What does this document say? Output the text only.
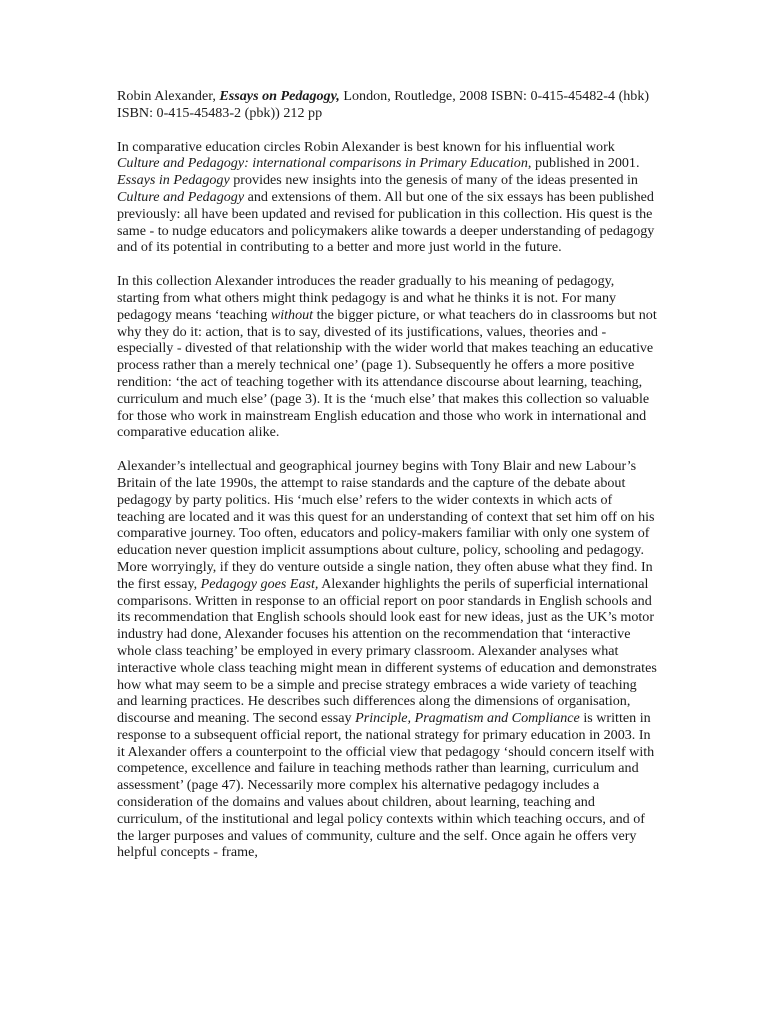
Robin Alexander, Essays on Pedagogy, London, Routledge, 2008 ISBN: 0-415-45482-4 (hbk) ISBN: 0-415-45483-2 (pbk)) 212 pp

In comparative education circles Robin Alexander is best known for his influential work Culture and Pedagogy: international comparisons in Primary Education, published in 2001. Essays in Pedagogy provides new insights into the genesis of many of the ideas presented in Culture and Pedagogy and extensions of them. All but one of the six essays has been published previously: all have been updated and revised for publication in this collection. His quest is the same - to nudge educators and policymakers alike towards a deeper understanding of pedagogy and of its potential in contributing to a better and more just world in the future.

In this collection Alexander introduces the reader gradually to his meaning of pedagogy, starting from what others might think pedagogy is and what he thinks it is not. For many pedagogy means ‘teaching without the bigger picture, or what teachers do in classrooms but not why they do it: action, that is to say, divested of its justifications, values, theories and - especially - divested of that relationship with the wider world that makes teaching an educative process rather than a merely technical one’ (page 1). Subsequently he offers a more positive rendition: ‘the act of teaching together with its attendance discourse about learning, teaching, curriculum and much else’ (page 3). It is the ‘much else’ that makes this collection so valuable for those who work in mainstream English education and those who work in international and comparative education alike.

Alexander’s intellectual and geographical journey begins with Tony Blair and new Labour’s Britain of the late 1990s, the attempt to raise standards and the capture of the debate about pedagogy by party politics. His ‘much else’ refers to the wider contexts in which acts of teaching are located and it was this quest for an understanding of context that set him off on his comparative journey. Too often, educators and policy-makers familiar with only one system of education never question implicit assumptions about culture, policy, schooling and pedagogy. More worryingly, if they do venture outside a single nation, they often abuse what they find. In the first essay, Pedagogy goes East, Alexander highlights the perils of superficial international comparisons. Written in response to an official report on poor standards in English schools and its recommendation that English schools should look east for new ideas, just as the UK’s motor industry had done, Alexander focuses his attention on the recommendation that ‘interactive whole class teaching’ be employed in every primary classroom. Alexander analyses what interactive whole class teaching might mean in different systems of education and demonstrates how what may seem to be a simple and precise strategy embraces a wide variety of teaching and learning practices. He describes such differences along the dimensions of organisation, discourse and meaning. The second essay Principle, Pragmatism and Compliance is written in response to a subsequent official report, the national strategy for primary education in 2003. In it Alexander offers a counterpoint to the official view that pedagogy ‘should concern itself with competence, excellence and failure in teaching methods rather than learning, curriculum and assessment’ (page 47). Necessarily more complex his alternative pedagogy includes a consideration of the domains and values about children, about learning, teaching and curriculum, of the institutional and legal policy contexts within which teaching occurs, and of the larger purposes and values of community, culture and the self. Once again he offers very helpful concepts - frame,
